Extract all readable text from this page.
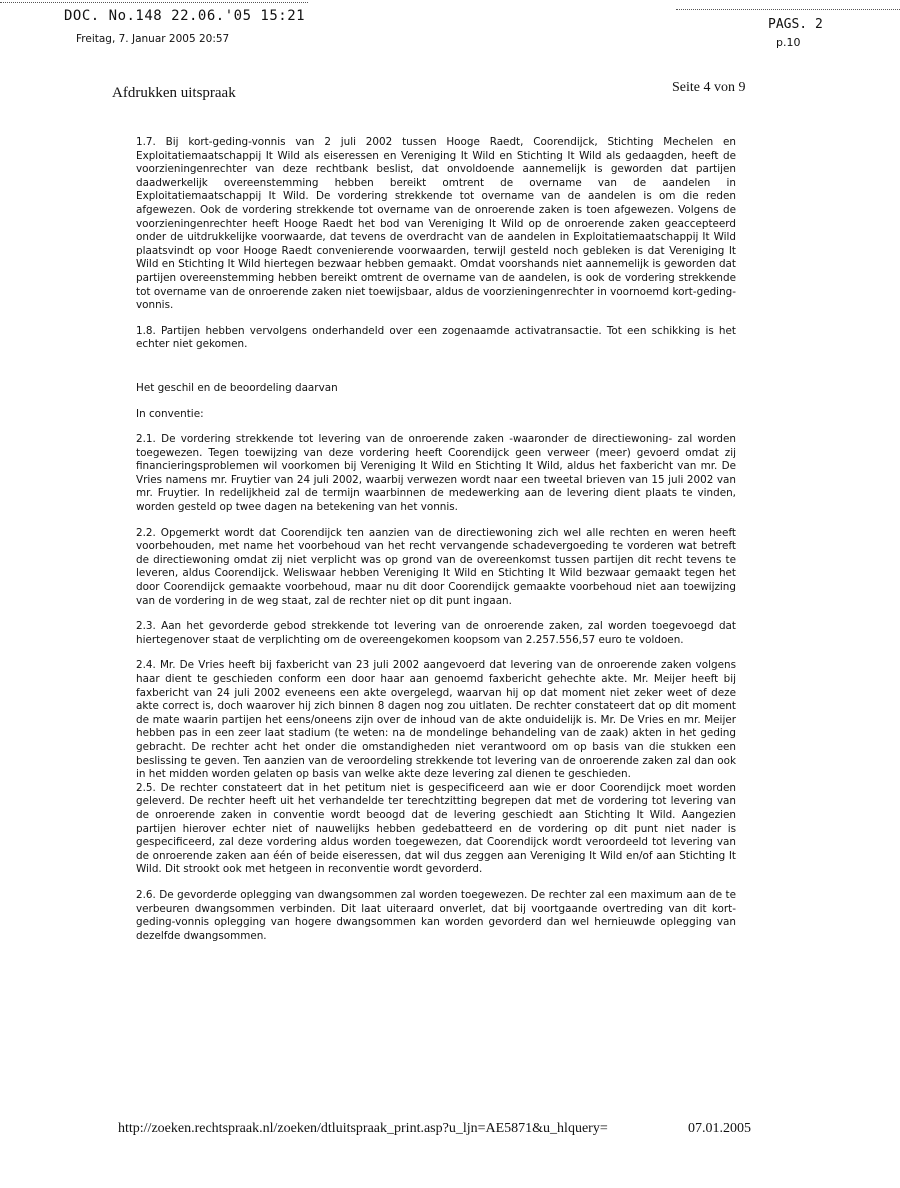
DOC. No.148 22.06.'05 15:21
Freitag, 7. Januar 2005 20:57
PAGS. 2
p.10
Afdrukken uitspraak	Seite 4 von 9

1.7. Bij kort-geding-vonnis van 2 juli 2002 tussen Hooge Raedt, Coorendijck, Stichting Mechelen en Exploitatiemaatschappij It Wild als eiseressen en Vereniging It Wild en Stichting It Wild als gedaagden, heeft de voorzieningenrechter van deze rechtbank beslist, dat onvoldoende aannemelijk is geworden dat partijen daadwerkelijk overeenstemming hebben bereikt omtrent de overname van de aandelen in Exploitatiemaatschappij It Wild. De vordering strekkende tot overname van de aandelen is om die reden afgewezen. Ook de vordering strekkende tot overname van de onroerende zaken is toen afgewezen. Volgens de voorzieningenrechter heeft Hooge Raedt het bod van Vereniging It Wild op de onroerende zaken geaccepteerd onder de uitdrukkelijke voorwaarde, dat tevens de overdracht van de aandelen in Exploitatiemaatschappij It Wild plaatsvindt op voor Hooge Raedt convenierende voorwaarden, terwijl gesteld noch gebleken is dat Vereniging It Wild en Stichting It Wild hiertegen bezwaar hebben gemaakt. Omdat voorshands niet aannemelijk is geworden dat partijen overeenstemming hebben bereikt omtrent de overname van de aandelen, is ook de vordering strekkende tot overname van de onroerende zaken niet toewijsbaar, aldus de voorzieningenrechter in voornoemd kort-geding-vonnis.

1.8. Partijen hebben vervolgens onderhandeld over een zogenaamde activatransactie. Tot een schikking is het echter niet gekomen.

Het geschil en de beoordeling daarvan

In conventie:

2.1. De vordering strekkende tot levering van de onroerende zaken -waaronder de directiewoning- zal worden toegewezen. Tegen toewijzing van deze vordering heeft Coorendijck geen verweer (meer) gevoerd omdat zij financieringsproblemen wil voorkomen bij Vereniging It Wild en Stichting It Wild, aldus het faxbericht van mr. De Vries namens mr. Fruytier van 24 juli 2002, waarbij verwezen wordt naar een tweetal brieven van 15 juli 2002 van mr. Fruytier. In redelijkheid zal de termijn waarbinnen de medewerking aan de levering dient plaats te vinden, worden gesteld op twee dagen na betekening van het vonnis.

2.2. Opgemerkt wordt dat Coorendijck ten aanzien van de directiewoning zich wel alle rechten en weren heeft voorbehouden, met name het voorbehoud van het recht vervangende schadevergoeding te vorderen wat betreft de directiewoning omdat zij niet verplicht was op grond van de overeenkomst tussen partijen dit recht tevens te leveren, aldus Coorendijck. Weliswaar hebben Vereniging It Wild en Stichting It Wild bezwaar gemaakt tegen het door Coorendijck gemaakte voorbehoud, maar nu dit door Coorendijck gemaakte voorbehoud niet aan toewijzing van de vordering in de weg staat, zal de rechter niet op dit punt ingaan.

2.3. Aan het gevorderde gebod strekkende tot levering van de onroerende zaken, zal worden toegevoegd dat hiertegenover staat de verplichting om de overeengekomen koopsom van 2.257.556,57 euro te voldoen.

2.4. Mr. De Vries heeft bij faxbericht van 23 juli 2002 aangevoerd dat levering van de onroerende zaken volgens haar dient te geschieden conform een door haar aan genoemd faxbericht gehechte akte. Mr. Meijer heeft bij faxbericht van 24 juli 2002 eveneens een akte overgelegd, waarvan hij op dat moment niet zeker weet of deze akte correct is, doch waarover hij zich binnen 8 dagen nog zou uitlaten. De rechter constateert dat op dit moment de mate waarin partijen het eens/oneens zijn over de inhoud van de akte onduidelijk is. Mr. De Vries en mr. Meijer hebben pas in een zeer laat stadium (te weten: na de mondelinge behandeling van de zaak) akten in het geding gebracht. De rechter acht het onder die omstandigheden niet verantwoord om op basis van die stukken een beslissing te geven. Ten aanzien van de veroordeling strekkende tot levering van de onroerende zaken zal dan ook in het midden worden gelaten op basis van welke akte deze levering zal dienen te geschieden.

2.5. De rechter constateert dat in het petitum niet is gespecificeerd aan wie er door Coorendijck moet worden geleverd. De rechter heeft uit het verhandelde ter terechtzitting begrepen dat met de vordering tot levering van de onroerende zaken in conventie wordt beoogd dat de levering geschiedt aan Stichting It Wild. Aangezien partijen hierover echter niet of nauwelijks hebben gedebatteerd en de vordering op dit punt niet nader is gespecificeerd, zal deze vordering aldus worden toegewezen, dat Coorendijck wordt veroordeeld tot levering van de onroerende zaken aan één of beide eiseressen, dat wil dus zeggen aan Vereniging It Wild en/of aan Stichting It Wild. Dit strookt ook met hetgeen in reconventie wordt gevorderd.

2.6. De gevorderde oplegging van dwangsommen zal worden toegewezen. De rechter zal een maximum aan de te verbeuren dwangsommen verbinden. Dit laat uiteraard onverlet, dat bij voortgaande overtreding van dit kort-geding-vonnis oplegging van hogere dwangsommen kan worden gevorderd dan wel hernieuwde oplegging van dezelfde dwangsommen.

http://zoeken.rechtspraak.nl/zoeken/dtluitspraak_print.asp?u_ljn=AE5871&u_hlquery=	07.01.2005
